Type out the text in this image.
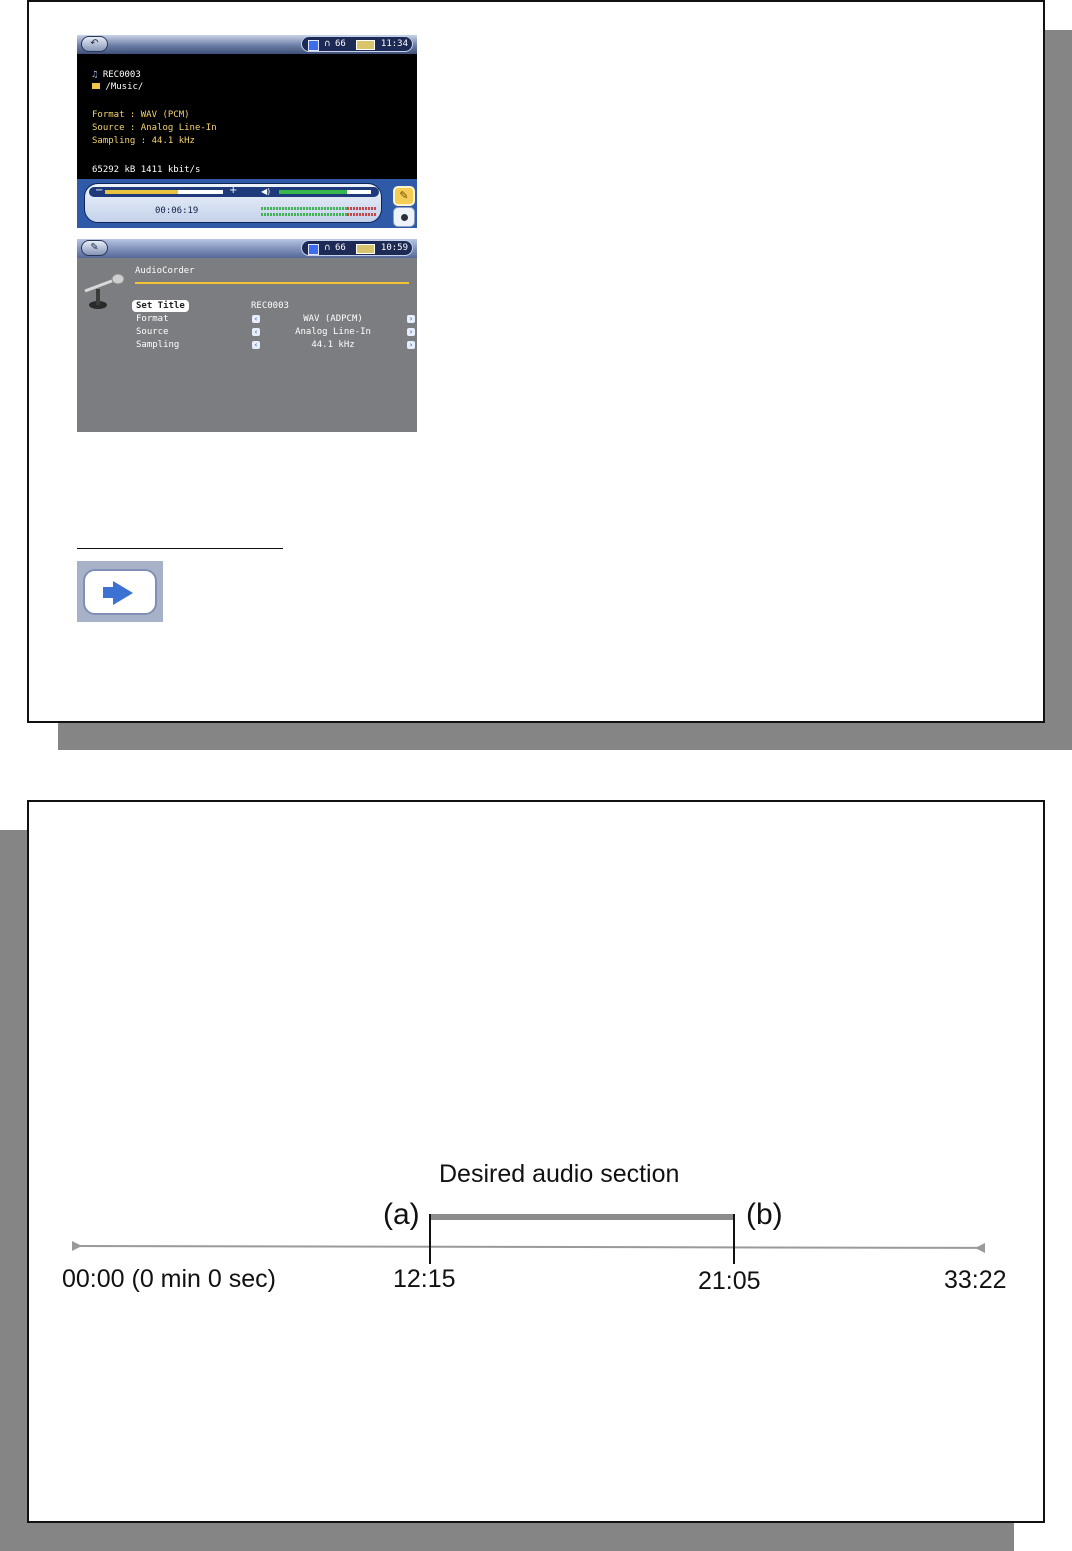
↶	∩ 66	11:34
♫ REC0003
/Music/
Format : WAV (PCM)
Source : Analog Line-In
Sampling : 44.1 kHz
65292 kB 1411 kbit/s
−	+	◀)
00:06:19
✎
✎	∩ 66	10:59
AudioCorder
Set Title	REC0003
Format	‹	WAV (ADPCM)	›
Source	‹	Analog Line-In	›
Sampling	‹	44.1 kHz	›
Desired audio section
(a)	(b)
00:00 (0 min 0 sec)	12:15	21:05	33:22
